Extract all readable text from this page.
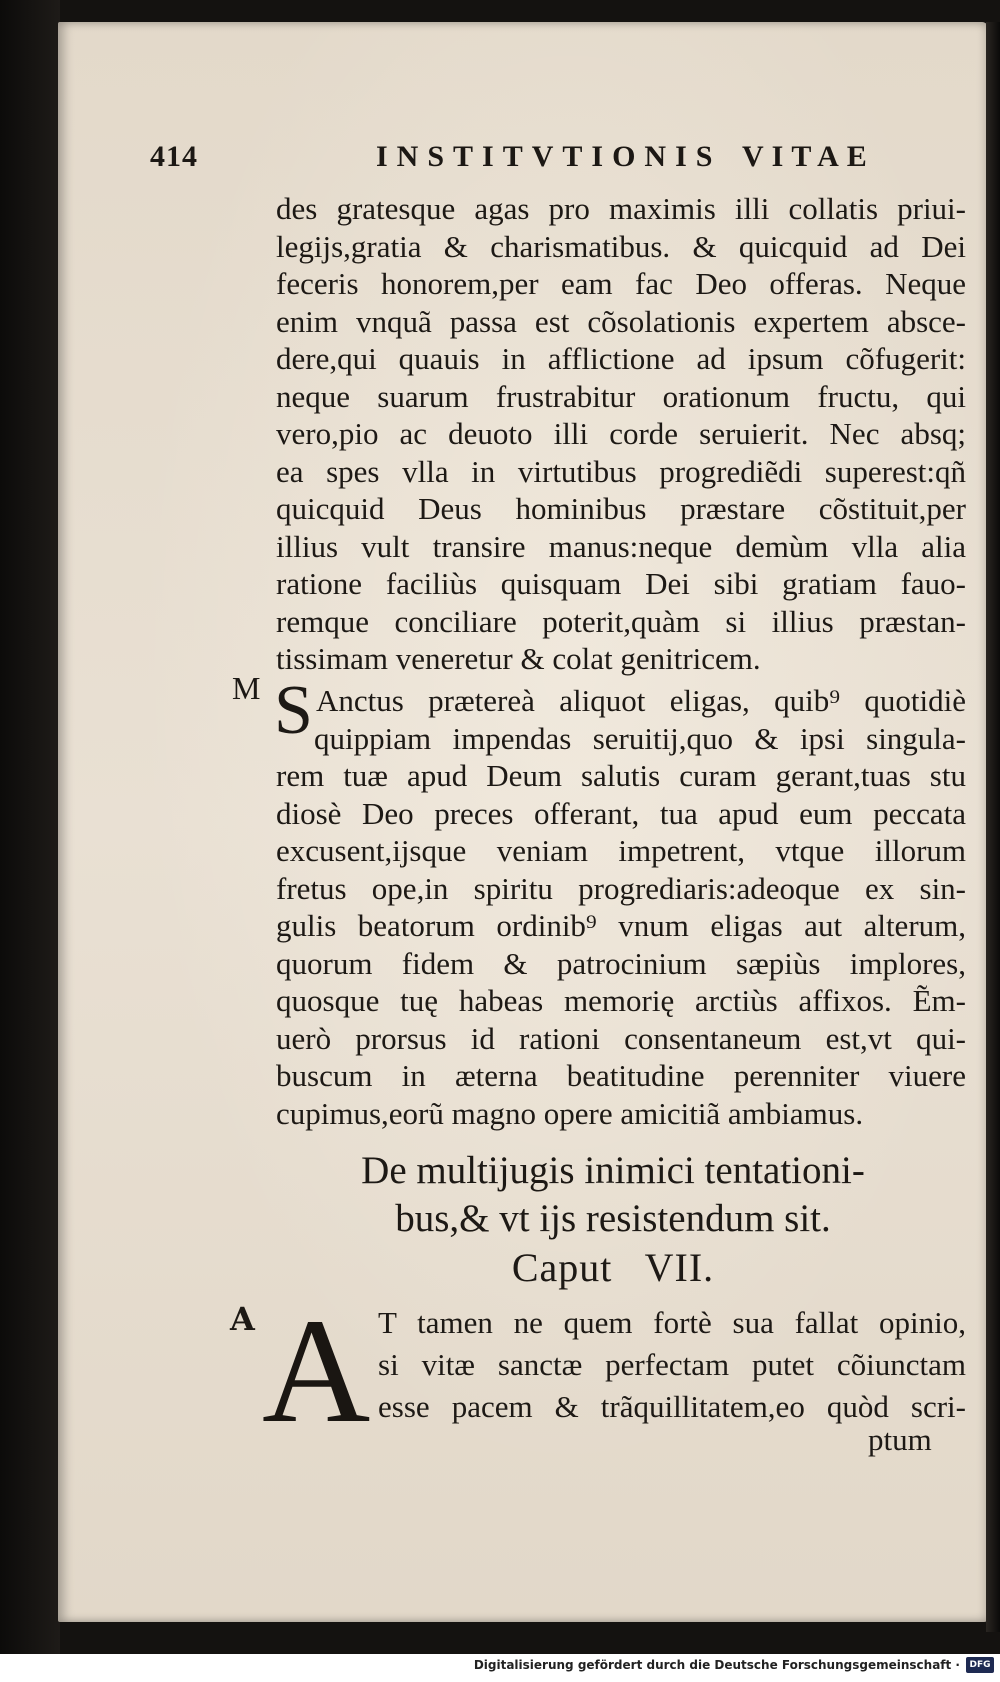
414	INSTITVTIONIS VITAE
des gratesque agas pro maximis illi collatis priui-
legijs,gratia & charismatibus. & quicquid ad Dei
feceris honorem,per eam fac Deo offeras. Neque
enim vnquã passa est cõsolationis expertem absce-
dere,qui quauis in afflictione ad ipsum cõfugerit:
neque suarum frustrabitur orationum fructu, qui
vero,pio ac deuoto illi corde seruierit. Nec absq;
ea spes vlla in virtutibus progrediẽdi superest:qñ
quicquid Deus hominibus præstare cõstituit,per
illius vult transire manus:neque demùm vlla alia
ratione faciliùs quisquam Dei sibi gratiam fauo-
remque conciliare poterit,quàm si illius præstan-
tissimam veneretur & colat genitricem.
M S Anctus prætereà aliquot eligas, quib⁹ quotidiè
quippiam impendas seruitij,quo & ipsi singula-
rem tuæ apud Deum salutis curam gerant,tuas stu
diosè Deo preces offerant, tua apud eum peccata
excusent,ijsque veniam impetrent, vtque illorum
fretus ope,in spiritu progrediaris:adeoque ex sin-
gulis beatorum ordinib⁹ vnum eligas aut alterum,
quorum fidem & patrocinium sæpiùs implores,
quosque tuę habeas memorię arctiùs affixos. Ẽm-
uerò prorsus id rationi consentaneum est,vt qui-
buscum in æterna beatitudine perenniter viuere
cupimus,eorũ magno opere amicitiã ambiamus.
De multijugis inimici tentationi-
bus,& vt ijs resistendum sit.
Caput   VII.
A A T tamen ne quem fortè sua fallat opinio,
si vitæ sanctæ perfectam putet cõiunctam
esse pacem & trãquillitatem,eo quòd scri-
ptum
Digitalisierung gefördert durch die Deutsche Forschungsgemeinschaft ·	DFG
